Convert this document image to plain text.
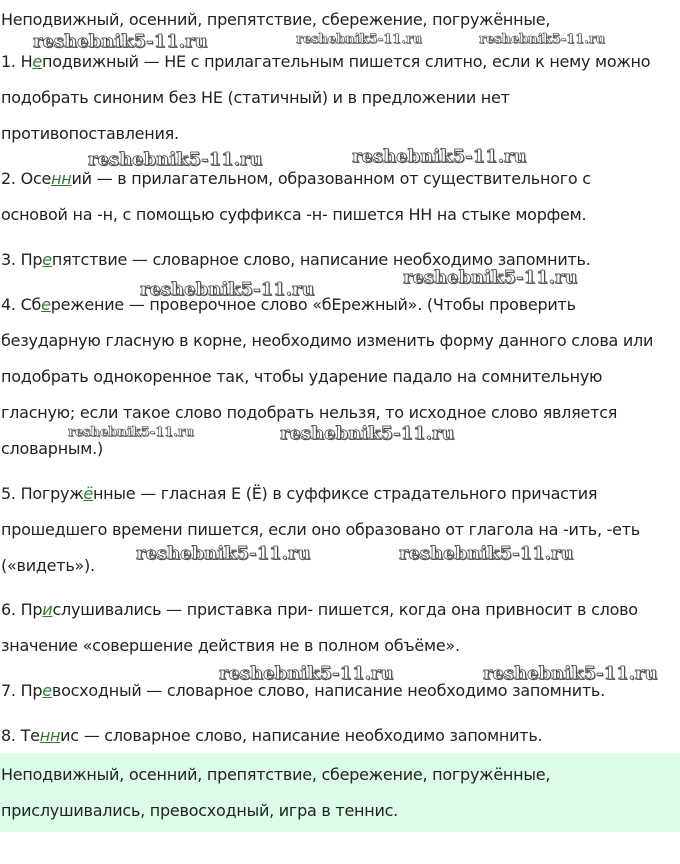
Неподвижный, осенний, препятствие, сбережение, погружённые,
1. Неподвижный — НЕ с прилагательным пишется слитно, если к нему можно
подобрать синоним без НЕ (статичный) и в предложении нет
противопоставления.
2. Осенний — в прилагательном, образованном от существительного с
основой на -н, с помощью суффикса -н- пишется НН на стыке морфем.
3. Препятствие — словарное слово, написание необходимо запомнить.
4. Сбережение — проверочное слово «бЕрежный». (Чтобы проверить
безударную гласную в корне, необходимо изменить форму данного слова или
подобрать однокоренное так, чтобы ударение падало на сомнительную
гласную; если такое слово подобрать нельзя, то исходное слово является
словарным.)
5. Погружённые — гласная Е (Ё) в суффиксе страдательного причастия
прошедшего времени пишется, если оно образовано от глагола на -ить, -еть
(«видеть»).
6. Прислушивались — приставка при- пишется, когда она привносит в слово
значение «совершение действия не в полном объёме».
7. Превосходный — словарное слово, написание необходимо запомнить.
8. Теннис — словарное слово, написание необходимо запомнить.
Неподвижный, осенний, препятствие, сбережение, погружённые,
прислушивались, превосходный, игра в теннис.
reshebnik5-11.ru	reshebnik5-11.ru	reshebnik5-11.ru
reshebnik5-11.ru	reshebnik5-11.ru
reshebnik5-11.ru
reshebnik5-11.ru
reshebnik5-11.ru	reshebnik5-11.ru
reshebnik5-11.ru	reshebnik5-11.ru
reshebnik5-11.ru	reshebnik5-11.ru
